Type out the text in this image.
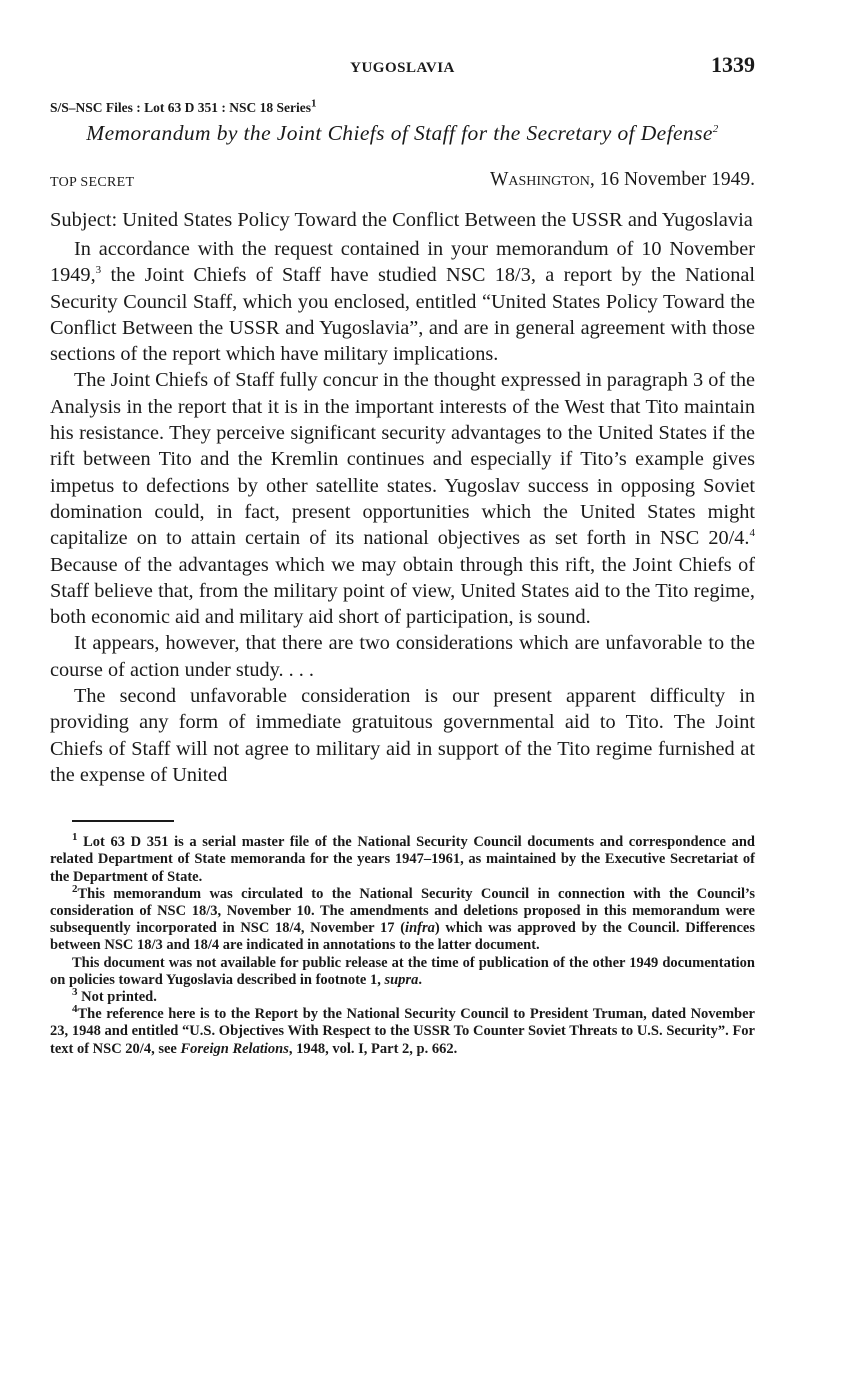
YUGOSLAVIA	1339
S/S–NSC Files : Lot 63 D 351 : NSC 18 Series$^1$
Memorandum by the Joint Chiefs of Staff for the Secretary of Defense$^2$
TOP SECRET	Washington, 16 November 1949.
Subject: United States Policy Toward the Conflict Between the USSR and Yugoslavia

In accordance with the request contained in your memorandum of 10 November 1949,$^3$ the Joint Chiefs of Staff have studied NSC 18/3, a report by the National Security Council Staff, which you enclosed, entitled “United States Policy Toward the Conflict Between the USSR and Yugoslavia”, and are in general agreement with those sections of the report which have military implications.

The Joint Chiefs of Staff fully concur in the thought expressed in paragraph 3 of the Analysis in the report that it is in the important interests of the West that Tito maintain his resistance. They perceive significant security advantages to the United States if the rift between Tito and the Kremlin continues and especially if Tito’s example gives impetus to defections by other satellite states. Yugoslav success in opposing Soviet domination could, in fact, present opportunities which the United States might capitalize on to attain certain of its national objectives as set forth in NSC 20/4.$^4$ Because of the advantages which we may obtain through this rift, the Joint Chiefs of Staff believe that, from the military point of view, United States aid to the Tito regime, both economic aid and military aid short of participation, is sound.

It appears, however, that there are two considerations which are unfavorable to the course of action under study. . . .

The second unfavorable consideration is our present apparent difficulty in providing any form of immediate gratuitous governmental aid to Tito. The Joint Chiefs of Staff will not agree to military aid in support of the Tito regime furnished at the expense of United

$^1$ Lot 63 D 351 is a serial master file of the National Security Council documents and correspondence and related Department of State memoranda for the years 1947–1961, as maintained by the Executive Secretariat of the Department of State.

$^2$This memorandum was circulated to the National Security Council in connection with the Council’s consideration of NSC 18/3, November 10. The amendments and deletions proposed in this memorandum were subsequently incorporated in NSC 18/4, November 17 (infra) which was approved by the Council. Differences between NSC 18/3 and 18/4 are indicated in annotations to the latter document.

This document was not available for public release at the time of publication of the other 1949 documentation on policies toward Yugoslavia described in footnote 1, supra.

$^3$ Not printed.

$^4$The reference here is to the Report by the National Security Council to President Truman, dated November 23, 1948 and entitled “U.S. Objectives With Respect to the USSR To Counter Soviet Threats to U.S. Security”. For text of NSC 20/4, see Foreign Relations, 1948, vol. I, Part 2, p. 662.
